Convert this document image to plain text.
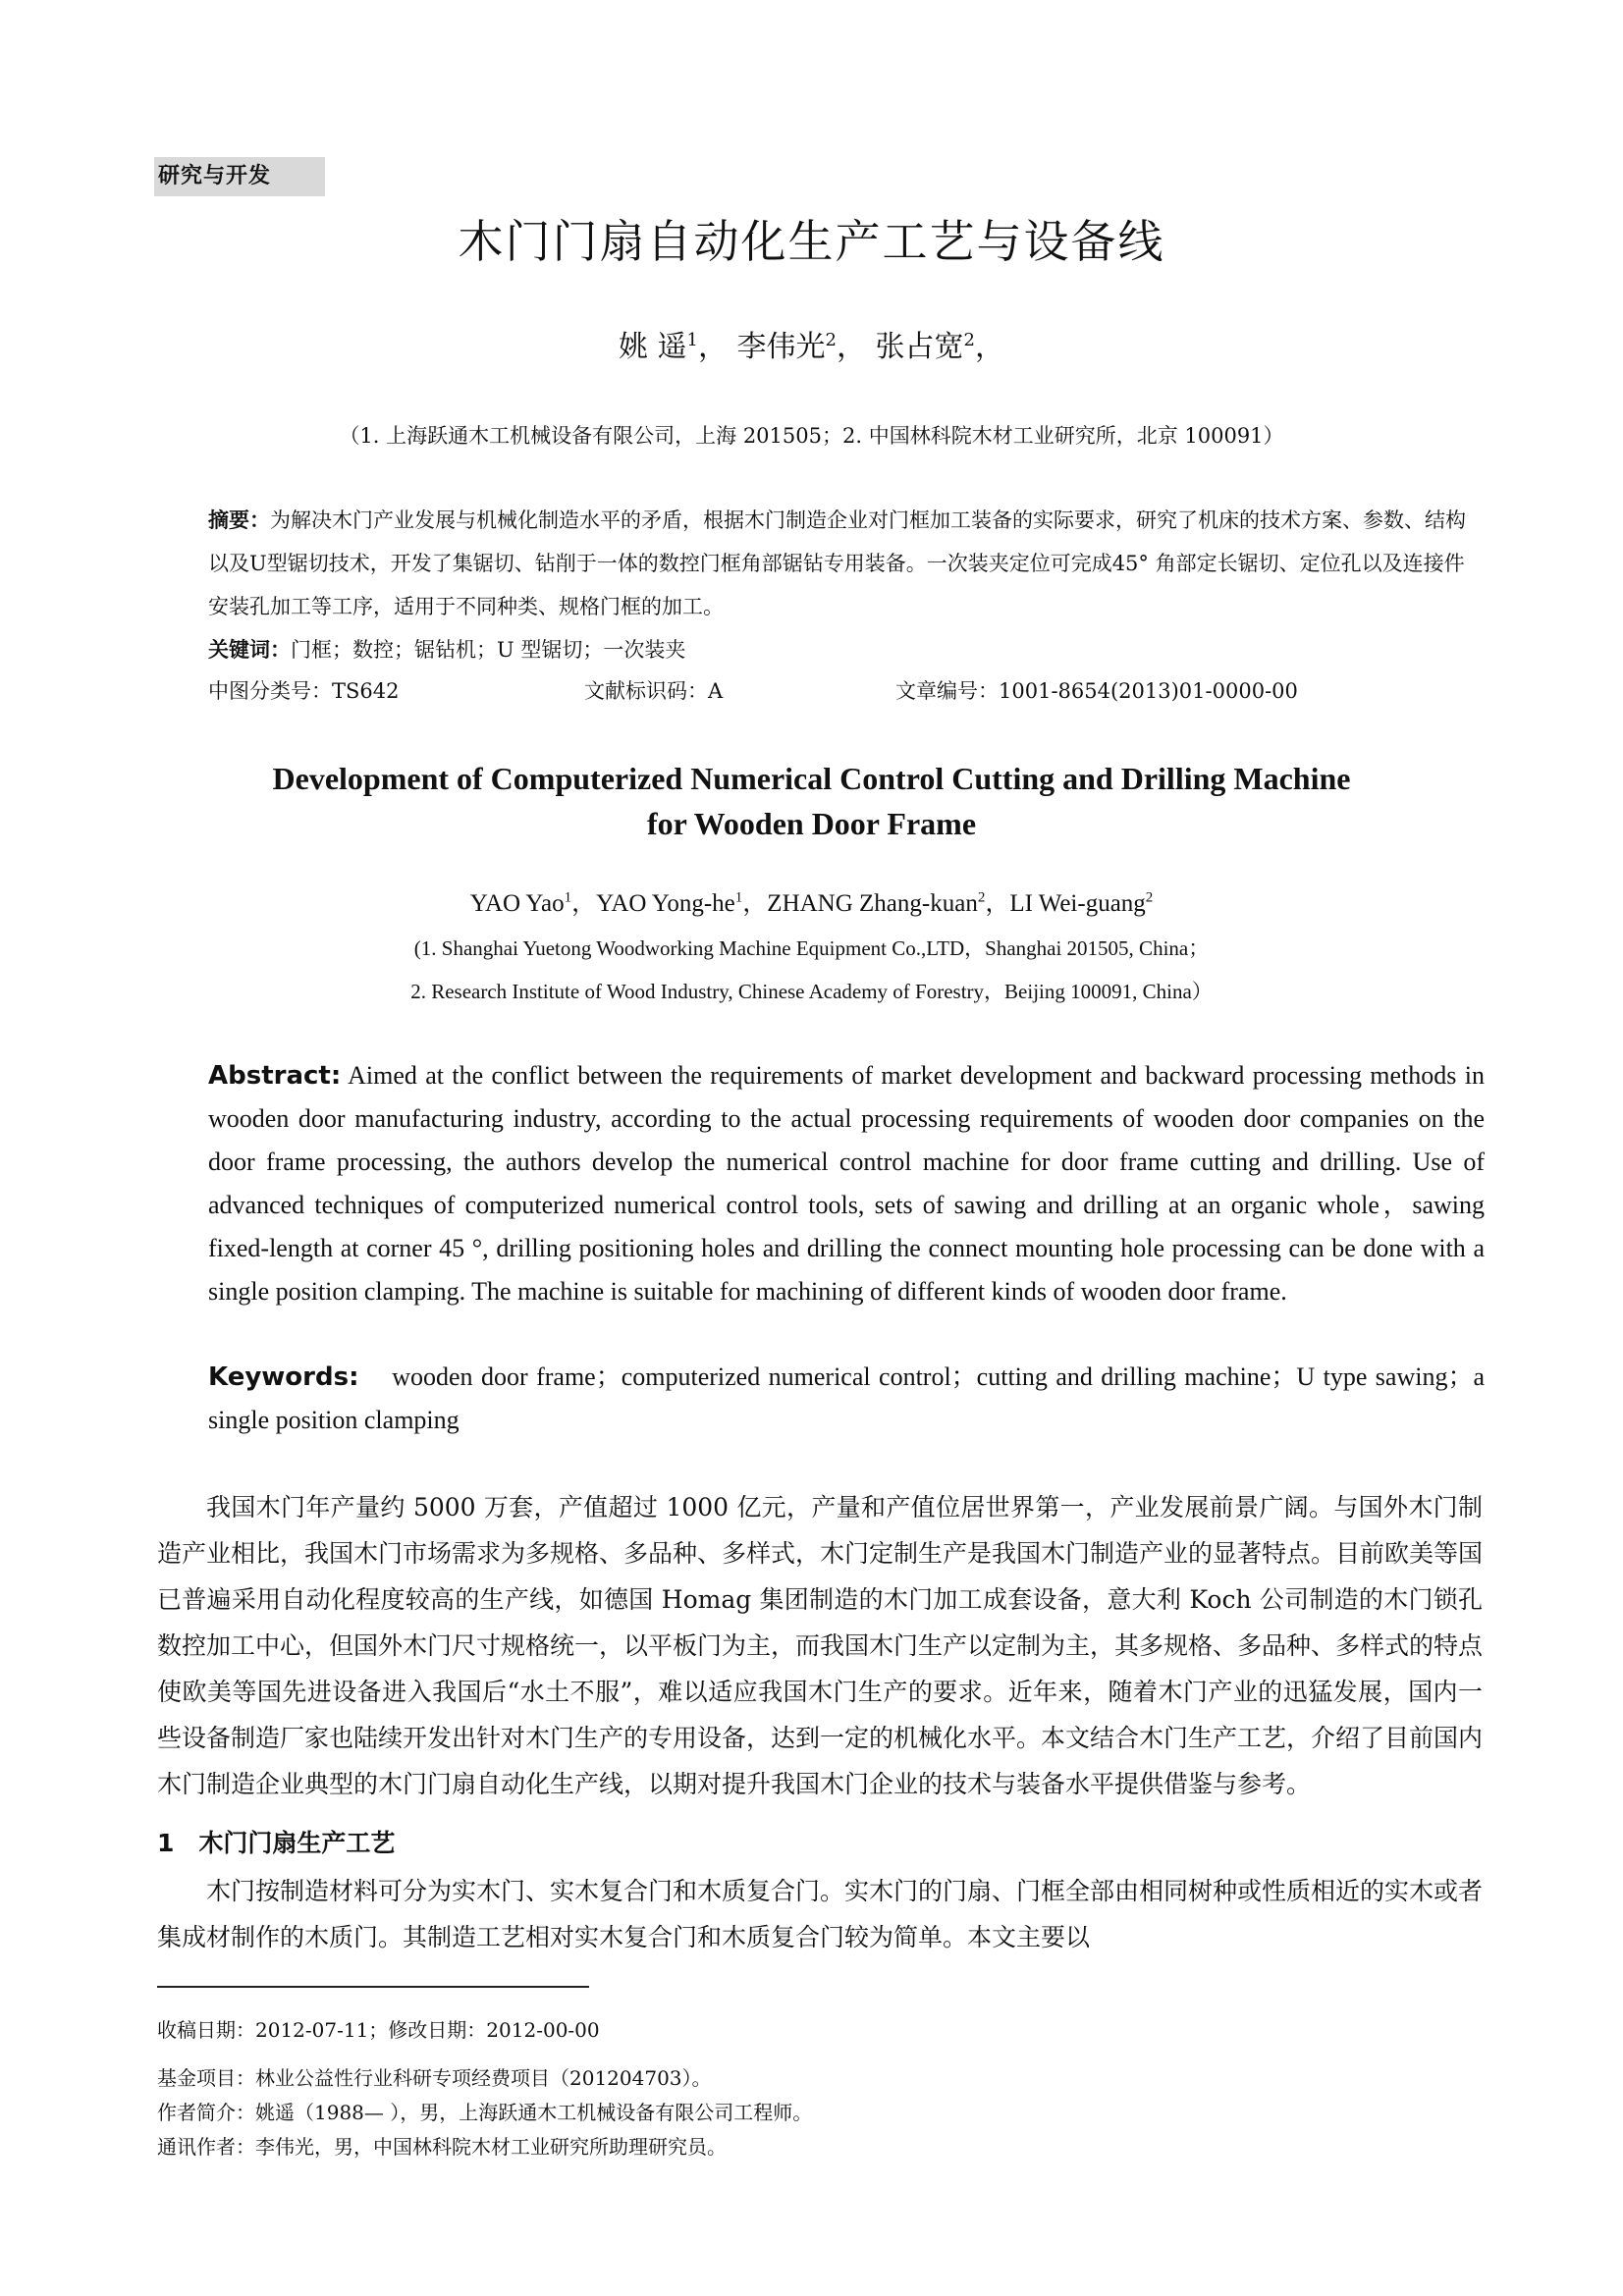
研究与开发
木门门扇自动化生产工艺与设备线
姚 遥$^1$， 李伟光$^2$， 张占宽$^2$，
（1. 上海跃通木工机械设备有限公司，上海 201505；2. 中国林科院木材工业研究所，北京 100091）
摘要：为解决木门产业发展与机械化制造水平的矛盾，根据木门制造企业对门框加工装备的实际要求，研究了机床的技术方案、参数、结构以及U型锯切技术，开发了集锯切、钻削于一体的数控门框角部锯钻专用装备。一次装夹定位可完成45° 角部定长锯切、定位孔以及连接件安装孔加工等工序，适用于不同种类、规格门框的加工。
关键词：门框；数控；锯钻机；U 型锯切；一次装夹
中图分类号：TS642	文献标识码：A	文章编号：1001-8654(2013)01-0000-00
Development of Computerized Numerical Control Cutting and Drilling Machine
for Wooden Door Frame
YAO Yao$^1$，YAO Yong-$he^1$，ZHANG Zhang-kuan$^2$，LI Wei-guang$^2$
(1. Shanghai Yuetong Woodworking Machine Equipment Co.,LTD，Shanghai 201505, China；
2. Research Institute of Wood Industry, Chinese Academy of Forestry，Beijing 100091, China）
Abstract: Aimed at the conflict between the requirements of market development and backward processing methods in wooden door manufacturing industry, according to the actual processing requirements of wooden door companies on the door frame processing, the authors develop the numerical control machine for door frame cutting and drilling. Use of advanced techniques of computerized numerical control tools, sets of sawing and drilling at an organic whole，sawing fixed-length at corner 45 °, drilling positioning holes and drilling the connect mounting hole processing can be done with a single position clamping. The machine is suitable for machining of different kinds of wooden door frame.
Keywords: wooden door frame；computerized numerical control；cutting and drilling machine；U type sawing；a single position clamping
我国木门年产量约 5000 万套，产值超过 1000 亿元，产量和产值位居世界第一，产业发展前景广阔。与国外木门制造产业相比，我国木门市场需求为多规格、多品种、多样式，木门定制生产是我国木门制造产业的显著特点。目前欧美等国已普遍采用自动化程度较高的生产线，如德国 Homag 集团制造的木门加工成套设备，意大利 Koch 公司制造的木门锁孔数控加工中心，但国外木门尺寸规格统一，以平板门为主，而我国木门生产以定制为主，其多规格、多品种、多样式的特点使欧美等国先进设备进入我国后“水土不服”，难以适应我国木门生产的要求。近年来，随着木门产业的迅猛发展，国内一些设备制造厂家也陆续开发出针对木门生产的专用设备，达到一定的机械化水平。本文结合木门生产工艺，介绍了目前国内木门制造企业典型的木门门扇自动化生产线，以期对提升我国木门企业的技术与装备水平提供借鉴与参考。
1　木门门扇生产工艺
木门按制造材料可分为实木门、实木复合门和木质复合门。实木门的门扇、门框全部由相同树种或性质相近的实木或者集成材制作的木质门。其制造工艺相对实木复合门和木质复合门较为简单。本文主要以
收稿日期：2012-07-11；修改日期：2012-00-00
基金项目：林业公益性行业科研专项经费项目（201204703）。
作者简介：姚遥（1988— ），男，上海跃通木工机械设备有限公司工程师。
通讯作者：李伟光，男，中国林科院木材工业研究所助理研究员。
